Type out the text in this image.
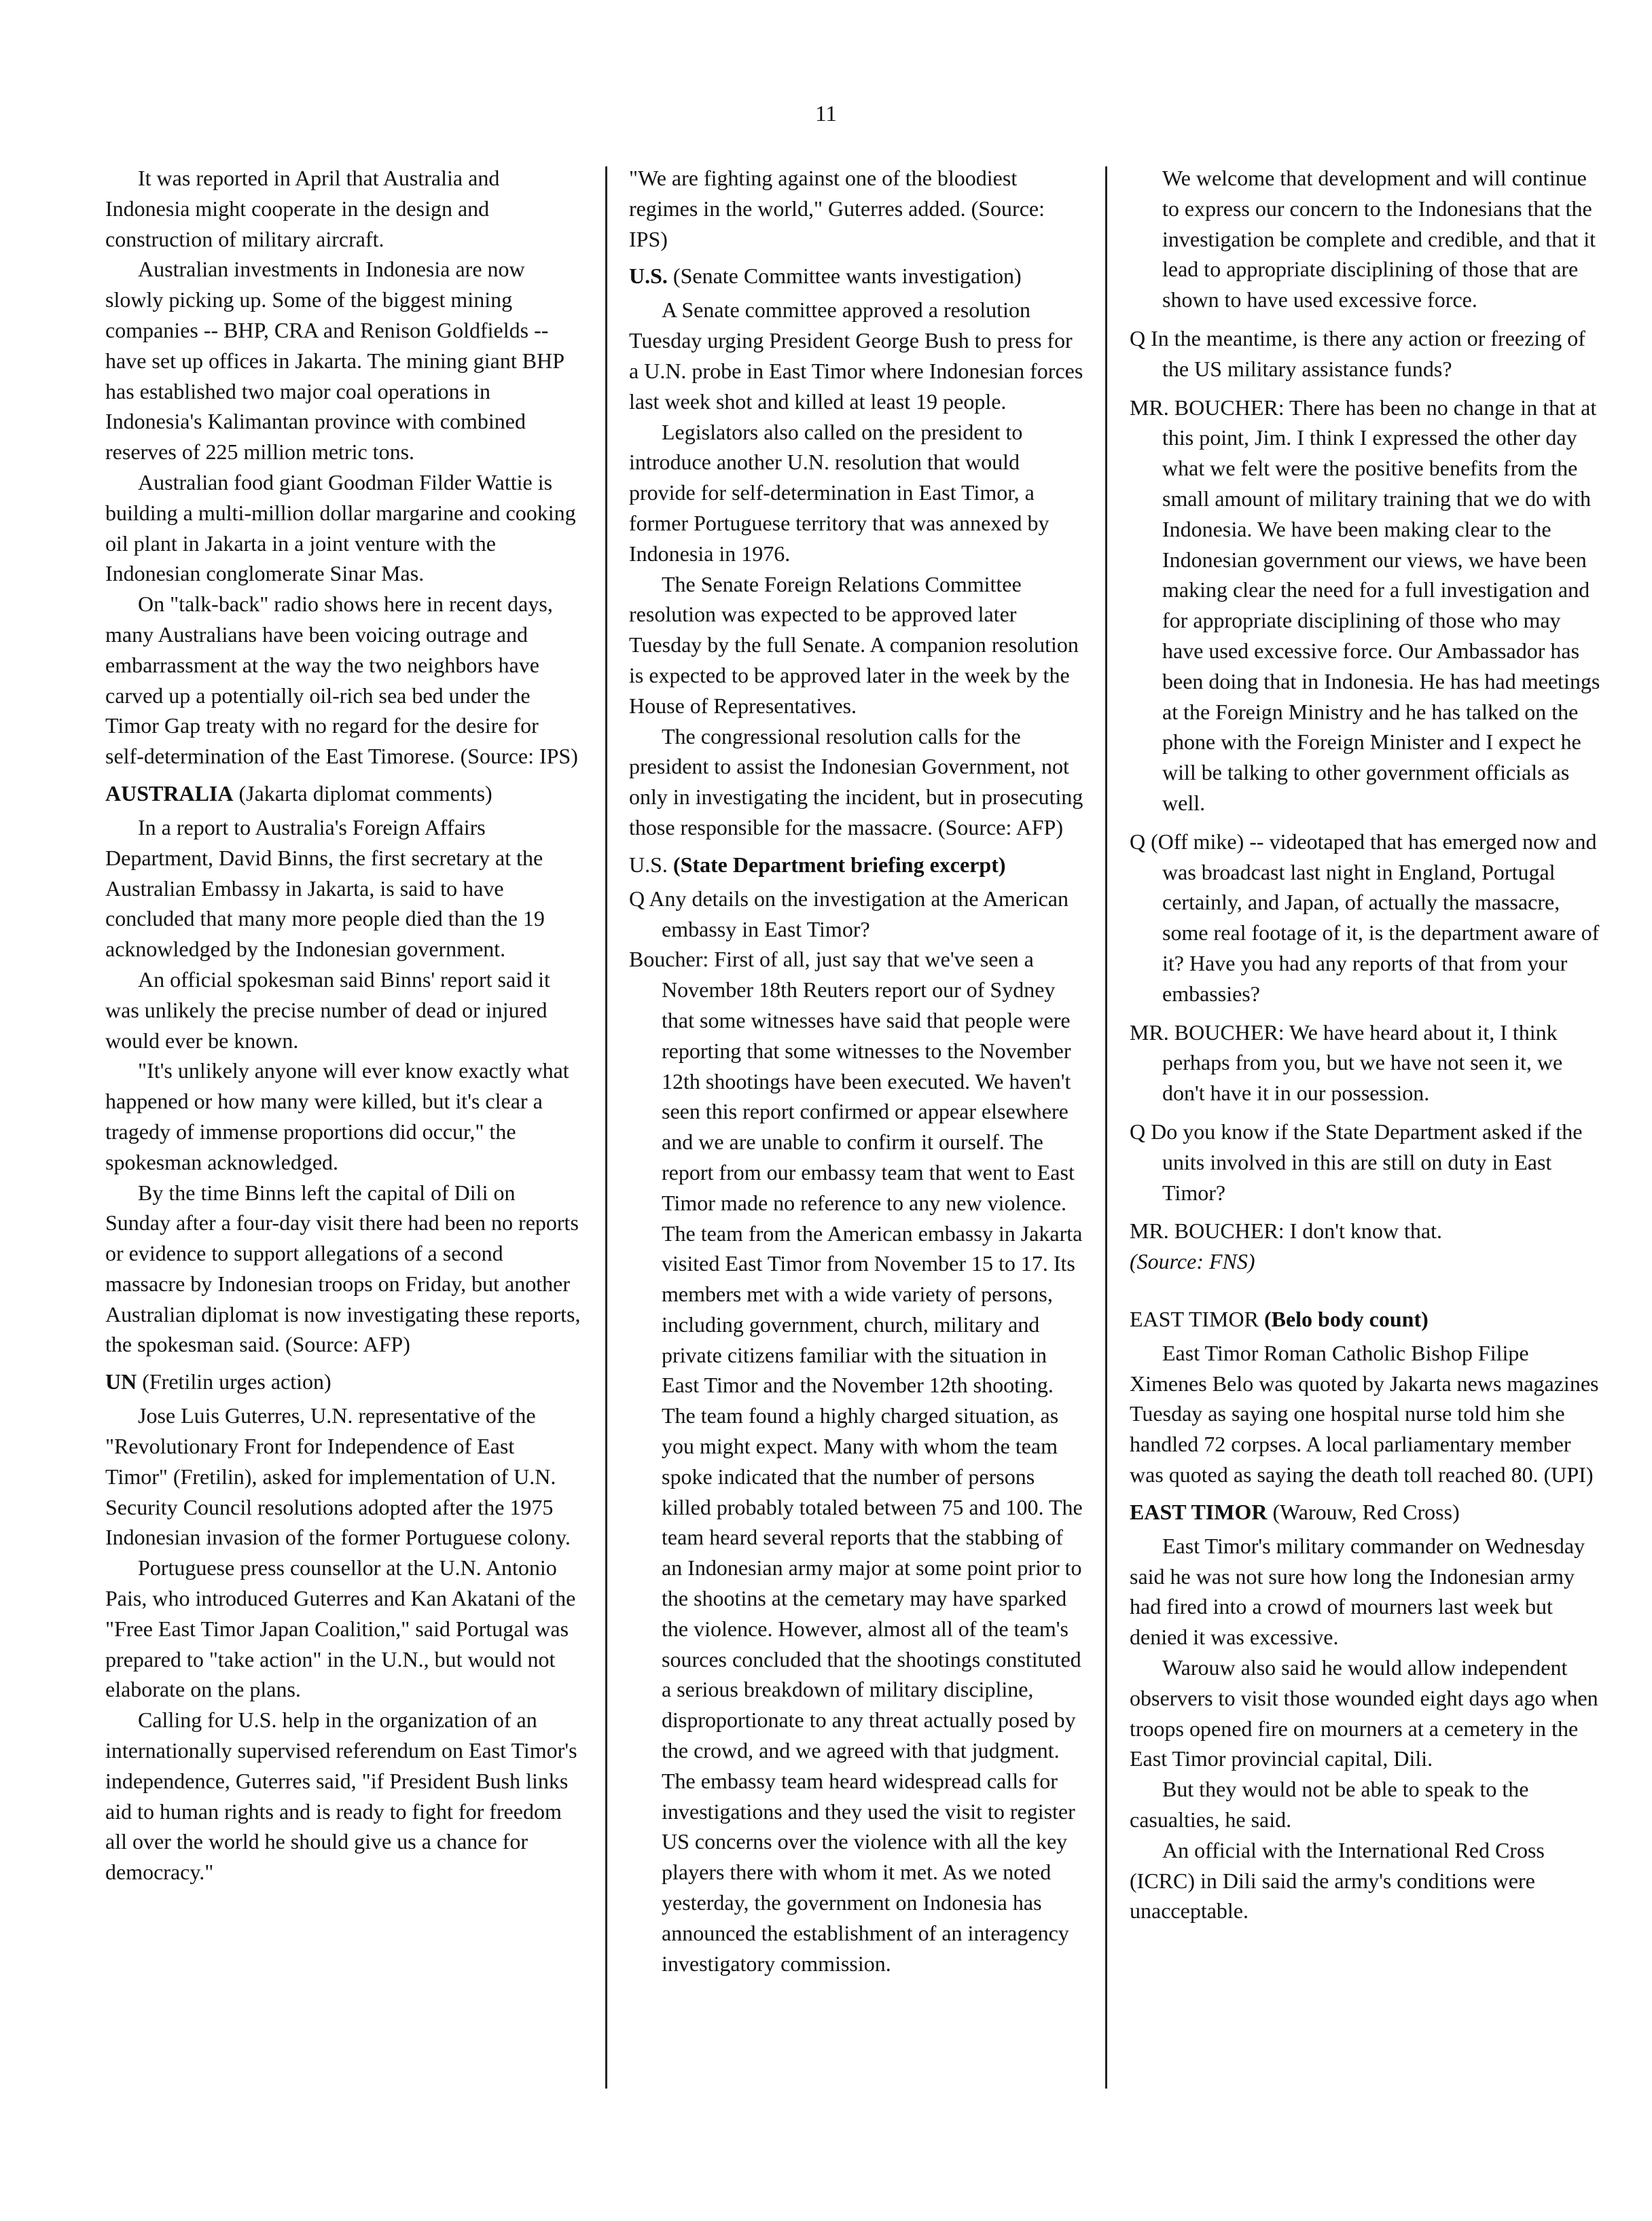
11

It was reported in April that Australia and Indonesia might cooperate in the design and construction of military aircraft.

Australian investments in Indonesia are now slowly picking up. Some of the biggest mining companies -- BHP, CRA and Renison Goldfields -- have set up offices in Jakarta. The mining giant BHP has established two major coal operations in Indonesia's Kalimantan province with combined reserves of 225 million metric tons.

Australian food giant Goodman Filder Wattie is building a multi-million dollar margarine and cooking oil plant in Jakarta in a joint venture with the Indonesian conglomerate Sinar Mas.

On "talk-back" radio shows here in recent days, many Australians have been voicing outrage and embarrassment at the way the two neighbors have carved up a potentially oil-rich sea bed under the Timor Gap treaty with no regard for the desire for self-determination of the East Timorese. (Source: IPS)

AUSTRALIA (Jakarta diplomat comments)

In a report to Australia's Foreign Affairs Department, David Binns, the first secretary at the Australian Embassy in Jakarta, is said to have concluded that many more people died than the 19 acknowledged by the Indonesian government.

An official spokesman said Binns' report said it was unlikely the precise number of dead or injured would ever be known.

"It's unlikely anyone will ever know exactly what happened or how many were killed, but it's clear a tragedy of immense proportions did occur," the spokesman acknowledged.

By the time Binns left the capital of Dili on Sunday after a four-day visit there had been no reports or evidence to support allegations of a second massacre by Indonesian troops on Friday, but another Australian diplomat is now investigating these reports, the spokesman said. (Source: AFP)

UN (Fretilin urges action)

Jose Luis Guterres, U.N. representative of the "Revolutionary Front for Independence of East Timor" (Fretilin), asked for implementation of U.N. Security Council resolutions adopted after the 1975 Indonesian invasion of the former Portuguese colony.

Portuguese press counsellor at the U.N. Antonio Pais, who introduced Guterres and Kan Akatani of the "Free East Timor Japan Coalition," said Portugal was prepared to "take action" in the U.N., but would not elaborate on the plans.

Calling for U.S. help in the organization of an internationally supervised referendum on East Timor's independence, Guterres said, "if President Bush links aid to human rights and is ready to fight for freedom all over the world he should give us a chance for democracy."

"We are fighting against one of the bloodiest regimes in the world," Guterres added. (Source: IPS)

U.S. (Senate Committee wants investigation)

A Senate committee approved a resolution Tuesday urging President George Bush to press for a U.N. probe in East Timor where Indonesian forces last week shot and killed at least 19 people.

Legislators also called on the president to introduce another U.N. resolution that would provide for self-determination in East Timor, a former Portuguese territory that was annexed by Indonesia in 1976.

The Senate Foreign Relations Committee resolution was expected to be approved later Tuesday by the full Senate. A companion resolution is expected to be approved later in the week by the House of Representatives.

The congressional resolution calls for the president to assist the Indonesian Government, not only in investigating the incident, but in prosecuting those responsible for the massacre. (Source: AFP)

U.S. (State Department briefing excerpt)

Q Any details on the investigation at the American embassy in East Timor?

Boucher: First of all, just say that we've seen a November 18th Reuters report our of Sydney that some witnesses have said that people were reporting that some witnesses to the November 12th shootings have been executed. We haven't seen this report confirmed or appear elsewhere and we are unable to confirm it ourself. The report from our embassy team that went to East Timor made no reference to any new violence. The team from the American embassy in Jakarta visited East Timor from November 15 to 17. Its members met with a wide variety of persons, including government, church, military and private citizens familiar with the situation in East Timor and the November 12th shooting. The team found a highly charged situation, as you might expect. Many with whom the team spoke indicated that the number of persons killed probably totaled between 75 and 100. The team heard several reports that the stabbing of an Indonesian army major at some point prior to the shootins at the cemetary may have sparked the violence. However, almost all of the team's sources concluded that the shootings constituted a serious breakdown of military discipline, disproportionate to any threat actually posed by the crowd, and we agreed with that judgment. The embassy team heard widespread calls for investigations and they used the visit to register US concerns over the violence with all the key players there with whom it met. As we noted yesterday, the government on Indonesia has announced the establishment of an interagency investigatory commission.

We welcome that development and will continue to express our concern to the Indonesians that the investigation be complete and credible, and that it lead to appropriate disciplining of those that are shown to have used excessive force.

Q In the meantime, is there any action or freezing of the US military assistance funds?

MR. BOUCHER: There has been no change in that at this point, Jim. I think I expressed the other day what we felt were the positive benefits from the small amount of military training that we do with Indonesia. We have been making clear to the Indonesian government our views, we have been making clear the need for a full investigation and for appropriate disciplining of those who may have used excessive force. Our Ambassador has been doing that in Indonesia. He has had meetings at the Foreign Ministry and he has talked on the phone with the Foreign Minister and I expect he will be talking to other government officials as well.

Q (Off mike) -- videotaped that has emerged now and was broadcast last night in England, Portugal certainly, and Japan, of actually the massacre, some real footage of it, is the department aware of it? Have you had any reports of that from your embassies?

MR. BOUCHER: We have heard about it, I think perhaps from you, but we have not seen it, we don't have it in our possession.

Q Do you know if the State Department asked if the units involved in this are still on duty in East Timor?

MR. BOUCHER: I don't know that.

(Source: FNS)

EAST TIMOR (Belo body count)

East Timor Roman Catholic Bishop Filipe Ximenes Belo was quoted by Jakarta news magazines Tuesday as saying one hospital nurse told him she handled 72 corpses. A local parliamentary member was quoted as saying the death toll reached 80. (UPI)

EAST TIMOR (Warouw, Red Cross)

East Timor's military commander on Wednesday said he was not sure how long the Indonesian army had fired into a crowd of mourners last week but denied it was excessive.

Warouw also said he would allow independent observers to visit those wounded eight days ago when troops opened fire on mourners at a cemetery in the East Timor provincial capital, Dili.

But they would not be able to speak to the casualties, he said.

An official with the International Red Cross (ICRC) in Dili said the army's conditions were unacceptable.
